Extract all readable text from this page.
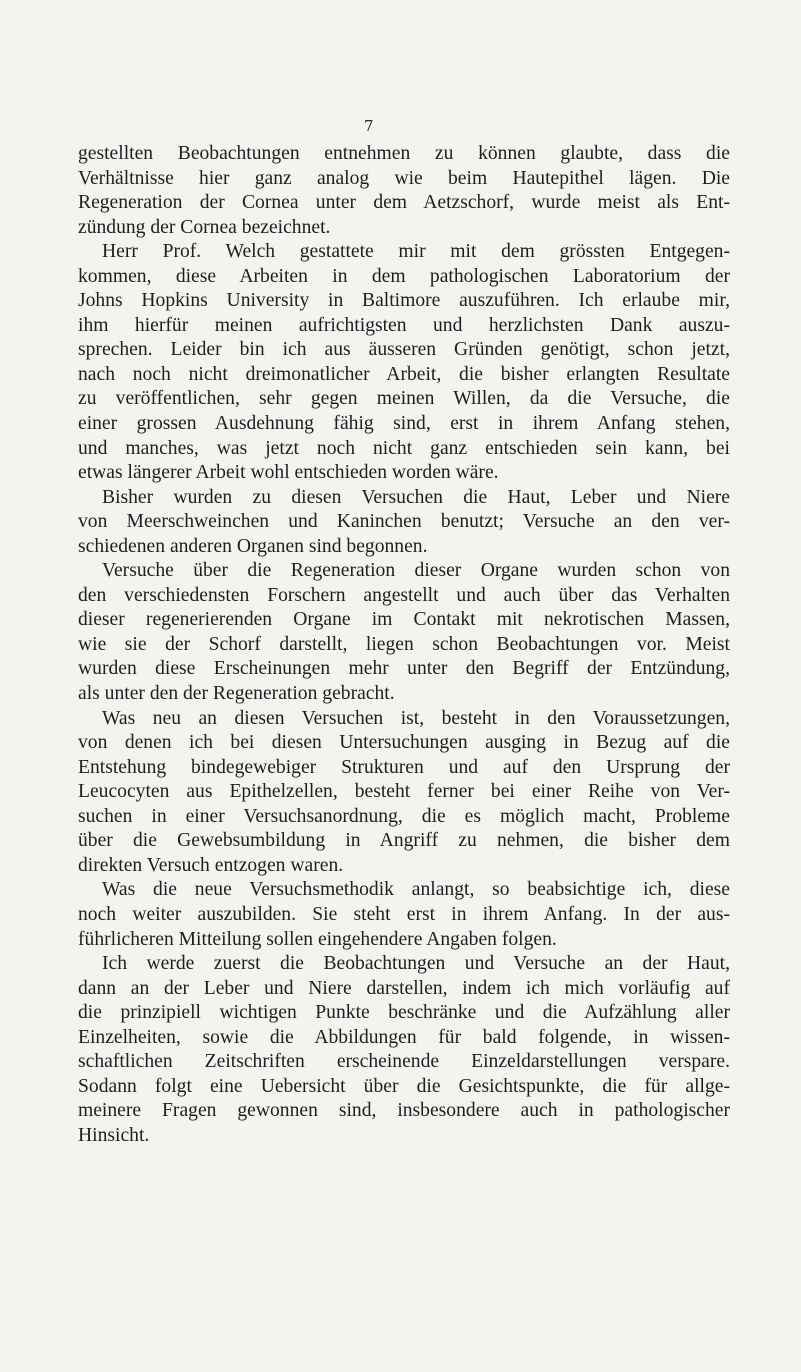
7
gestellten Beobachtungen entnehmen zu können glaubte, dass die
Verhältnisse hier ganz analog wie beim Hautepithel lägen. Die
Regeneration der Cornea unter dem Aetzschorf, wurde meist als Ent-
zündung der Cornea bezeichnet.
Herr Prof. Welch gestattete mir mit dem grössten Entgegen-
kommen, diese Arbeiten in dem pathologischen Laboratorium der
Johns Hopkins University in Baltimore auszuführen. Ich erlaube mir,
ihm hierfür meinen aufrichtigsten und herzlichsten Dank auszu-
sprechen. Leider bin ich aus äusseren Gründen genötigt, schon jetzt,
nach noch nicht dreimonatlicher Arbeit, die bisher erlangten Resultate
zu veröffentlichen, sehr gegen meinen Willen, da die Versuche, die
einer grossen Ausdehnung fähig sind, erst in ihrem Anfang stehen,
und manches, was jetzt noch nicht ganz entschieden sein kann, bei
etwas längerer Arbeit wohl entschieden worden wäre.
Bisher wurden zu diesen Versuchen die Haut, Leber und Niere
von Meerschweinchen und Kaninchen benutzt; Versuche an den ver-
schiedenen anderen Organen sind begonnen.
Versuche über die Regeneration dieser Organe wurden schon von
den verschiedensten Forschern angestellt und auch über das Verhalten
dieser regenerierenden Organe im Contakt mit nekrotischen Massen,
wie sie der Schorf darstellt, liegen schon Beobachtungen vor. Meist
wurden diese Erscheinungen mehr unter den Begriff der Entzündung,
als unter den der Regeneration gebracht.
Was neu an diesen Versuchen ist, besteht in den Voraussetzungen,
von denen ich bei diesen Untersuchungen ausging in Bezug auf die
Entstehung bindegewebiger Strukturen und auf den Ursprung der
Leucocyten aus Epithelzellen, besteht ferner bei einer Reihe von Ver-
suchen in einer Versuchsanordnung, die es möglich macht, Probleme
über die Gewebsumbildung in Angriff zu nehmen, die bisher dem
direkten Versuch entzogen waren.
Was die neue Versuchsmethodik anlangt, so beabsichtige ich, diese
noch weiter auszubilden. Sie steht erst in ihrem Anfang. In der aus-
führlicheren Mitteilung sollen eingehendere Angaben folgen.
Ich werde zuerst die Beobachtungen und Versuche an der Haut,
dann an der Leber und Niere darstellen, indem ich mich vorläufig auf
die prinzipiell wichtigen Punkte beschränke und die Aufzählung aller
Einzelheiten, sowie die Abbildungen für bald folgende, in wissen-
schaftlichen Zeitschriften erscheinende Einzeldarstellungen verspare.
Sodann folgt eine Uebersicht über die Gesichtspunkte, die für allge-
meinere Fragen gewonnen sind, insbesondere auch in pathologischer
Hinsicht.
